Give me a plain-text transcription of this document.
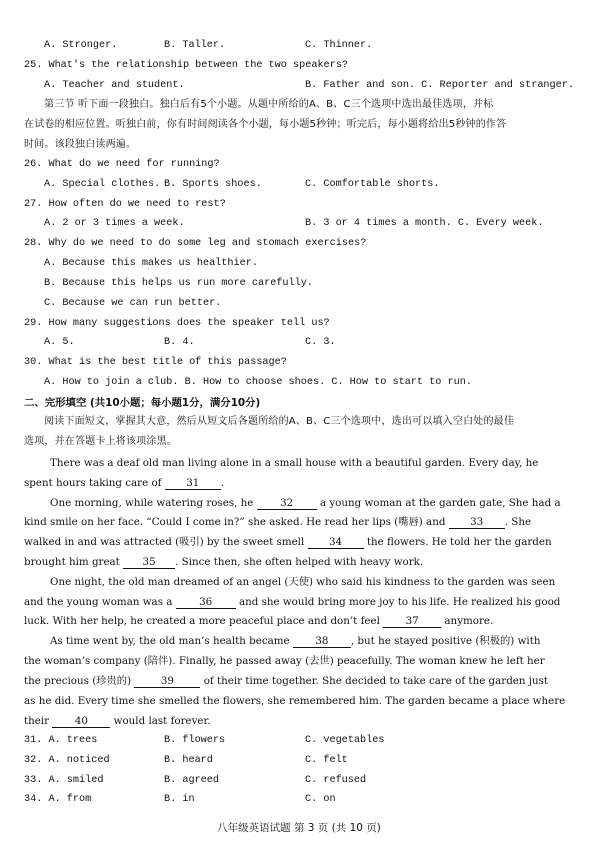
A. Stronger.	B. Taller.	C. Thinner.
25. What's the relationship between the two speakers?
A. Teacher and student.	B. Father and son. C. Reporter and stranger.
第三节 听下面一段独白。独白后有5个小题。从题中所给的A、B、C三个选项中选出最佳选项，并标
在试卷的相应位置。听独白前，你有时间阅读各个小题，每小题5秒钟；听完后，每小题将给出5秒钟的作答
时间。该段独白读两遍。
26. What do we need for running?
A. Special clothes. B. Sports shoes.	C. Comfortable shorts.
27. How often do we need to rest?
A. 2 or 3 times a week.	B. 3 or 4 times a month. C. Every week.
28. Why do we need to do some leg and stomach exercises?
A. Because this makes us healthier.
B. Because this helps us run more carefully.
C. Because we can run better.
29. How many suggestions does the speaker tell us?
A. 5.	B. 4.	C. 3.
30. What is the best title of this passage?
A. How to join a club. B. How to choose shoes. C. How to start to run.
二、完形填空 (共10小题；每小题1分，满分10分)
阅读下面短文，掌握其大意，然后从短文后各题所给的A、B、C三个选项中，选出可以填入空白处的最佳
选项，并在答题卡上将该项涂黑。
There was a deaf old man living alone in a small house with a beautiful garden. Every day, he
spent hours taking care of 31 .
One morning, while watering roses, he	32	a young woman at the garden gate, She had a
kind smile on her face. “Could I come in?” she asked. He read her lips (嘴唇) and 33 . She
walked in and was attracted (吸引) by the sweet smell 34 the flowers. He told her the garden
brought him great 35 . Since then, she often helped with heavy work.
One night, the old man dreamed of an angel (天使) who said his kindness to the garden was seen
and the young woman was a	36	and she would bring more joy to his life. He realized his good
luck. With her help, he created a more peaceful place and don’t feel 37 anymore.
As time went by, the old man’s health became 38 , but he stayed positive (积极的) with
the woman’s company (陪伴). Finally, he passed away (去世) peacefully. The woman knew he left her
the precious (珍贵的)	39	of their time together. She decided to take care of the garden just
as he did. Every time she smelled the flowers, she remembered him. The garden became a place where
their 40 would last forever.
31. A. trees	B. flowers	C. vegetables
32. A. noticed	B. heard	C. felt
33. A. smiled	B. agreed	C. refused
34. A. from	B. in	C. on
八年级英语试题 第 3 页 (共 10 页)
